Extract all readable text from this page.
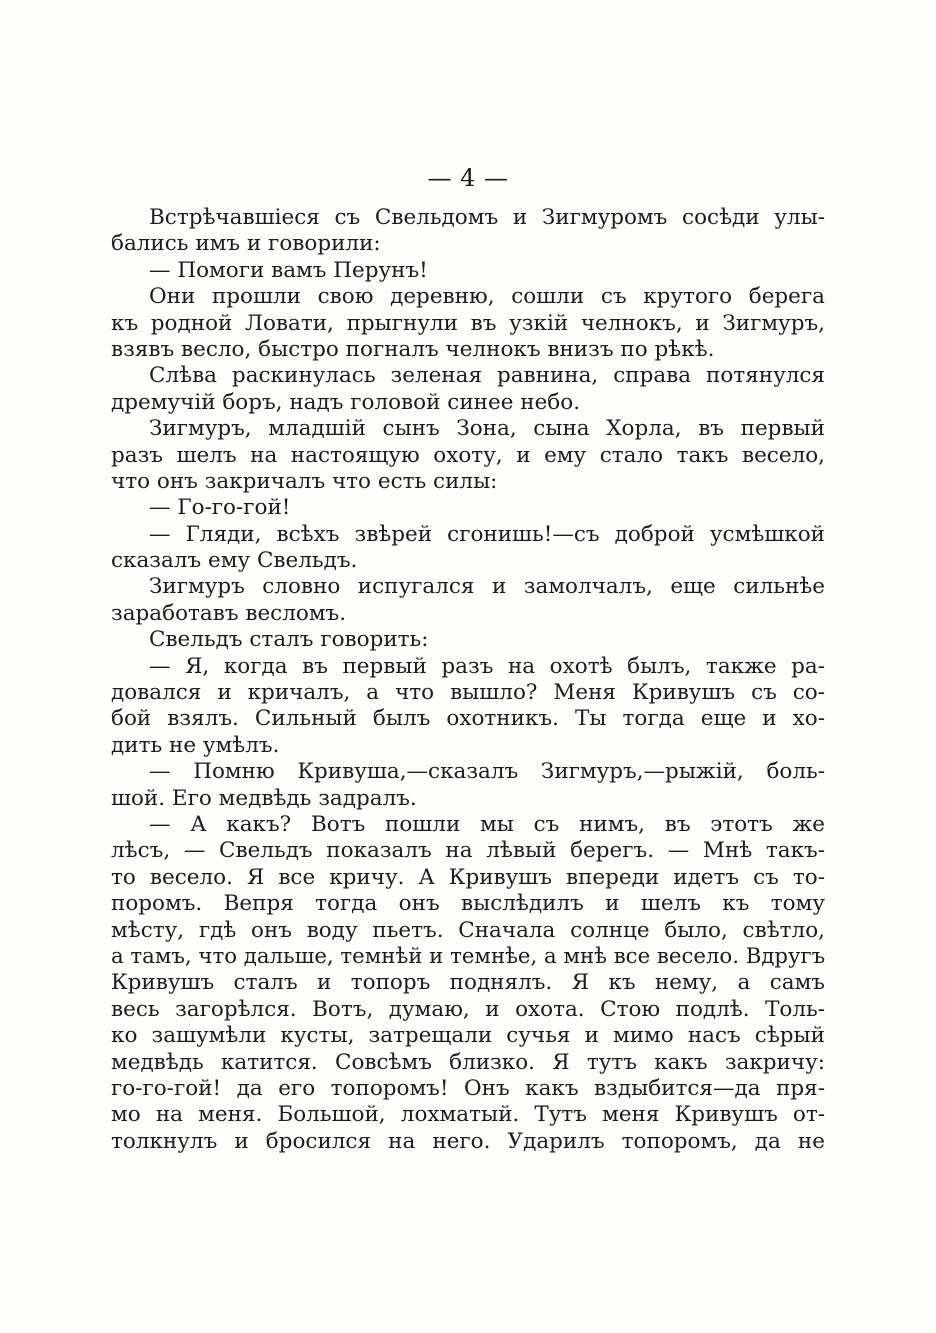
— 4 —
Встрѣчавшіеся съ Свельдомъ и Зигмуромъ сосѣди улы-
бались имъ и говорили:
— Помоги вамъ Перунъ!
Они прошли свою деревню, сошли съ крутого берега
къ родной Ловати, прыгнули въ узкій челнокъ, и Зигмуръ,
взявъ весло, быстро погналъ челнокъ внизъ по рѣкѣ.
Слѣва раскинулась зеленая равнина, справа потянулся
дремучій боръ, надъ головой синее небо.
Зигмуръ, младшій сынъ Зона, сына Хорла, въ первый
разъ шелъ на настоящую охоту, и ему стало такъ весело,
что онъ закричалъ что есть силы:
— Го-го-гой!
— Гляди, всѣхъ звѣрей сгонишь!—съ доброй усмѣшкой
сказалъ ему Свельдъ.
Зигмуръ словно испугался и замолчалъ, еще сильнѣе
заработавъ весломъ.
Свельдъ сталъ говорить:
— Я, когда въ первый разъ на охотѣ былъ, также ра-
довался и кричалъ, а что вышло? Меня Кривушъ съ со-
бой взялъ. Сильный былъ охотникъ. Ты тогда еще и хо-
дить не умѣлъ.
— Помню Кривуша,—сказалъ Зигмуръ,—рыжій, боль-
шой. Его медвѣдь задралъ.
— А какъ? Вотъ пошли мы съ нимъ, въ этотъ же
лѣсъ, — Свельдъ показалъ на лѣвый берегъ. — Мнѣ такъ-
то весело. Я все кричу. А Кривушъ впереди идетъ съ то-
поромъ. Вепря тогда онъ выслѣдилъ и шелъ къ тому
мѣсту, гдѣ онъ воду пьетъ. Сначала солнце было, свѣтло,
а тамъ, что дальше, темнѣй и темнѣе, а мнѣ все весело. Вдругъ
Кривушъ сталъ и топоръ поднялъ. Я къ нему, а самъ
весь загорѣлся. Вотъ, думаю, и охота. Стою подлѣ. Толь-
ко зашумѣли кусты, затрещали сучья и мимо насъ сѣрый
медвѣдь катится. Совсѣмъ близко. Я тутъ какъ закричу:
го-го-гой! да его топоромъ! Онъ какъ вздыбится—да пря-
мо на меня. Большой, лохматый. Тутъ меня Кривушъ от-
толкнулъ и бросился на него. Ударилъ топоромъ, да не
